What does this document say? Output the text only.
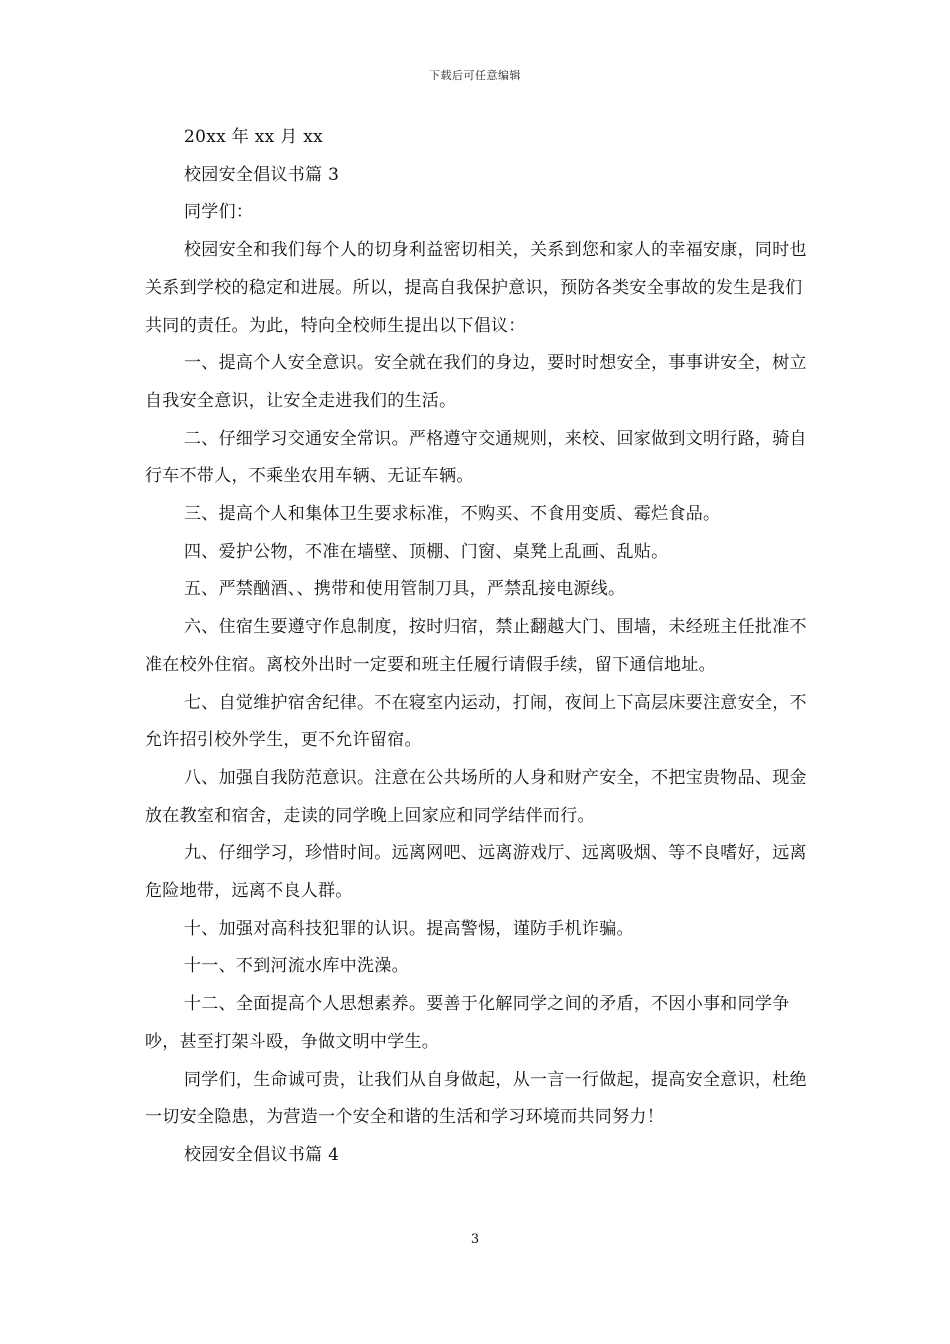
下载后可任意编辑

20xx 年 xx 月 xx

校园安全倡议书篇 3

同学们：

校园安全和我们每个人的切身利益密切相关，关系到您和家人的幸福安康，同时也关系到学校的稳定和进展。所以，提高自我保护意识，预防各类安全事故的发生是我们共同的责任。为此，特向全校师生提出以下倡议：

一、提高个人安全意识。安全就在我们的身边，要时时想安全，事事讲安全，树立自我安全意识，让安全走进我们的生活。

二、仔细学习交通安全常识。严格遵守交通规则，来校、回家做到文明行路，骑自行车不带人，不乘坐农用车辆、无证车辆。

三、提高个人和集体卫生要求标准，不购买、不食用变质、霉烂食品。

四、爱护公物，不准在墙壁、顶棚、门窗、桌凳上乱画、乱贴。

五、严禁酗酒、、携带和使用管制刀具，严禁乱接电源线。

六、住宿生要遵守作息制度，按时归宿，禁止翻越大门、围墙，未经班主任批准不准在校外住宿。离校外出时一定要和班主任履行请假手续，留下通信地址。

七、自觉维护宿舍纪律。不在寝室内运动，打闹，夜间上下高层床要注意安全，不允许招引校外学生，更不允许留宿。

八、加强自我防范意识。注意在公共场所的人身和财产安全，不把宝贵物品、现金放在教室和宿舍，走读的同学晚上回家应和同学结伴而行。

九、仔细学习，珍惜时间。远离网吧、远离游戏厅、远离吸烟、等不良嗜好，远离危险地带，远离不良人群。

十、加强对高科技犯罪的认识。提高警惕，谨防手机诈骗。

十一、不到河流水库中洗澡。

十二、全面提高个人思想素养。要善于化解同学之间的矛盾，不因小事和同学争吵，甚至打架斗殴，争做文明中学生。

同学们，生命诚可贵，让我们从自身做起，从一言一行做起，提高安全意识，杜绝一切安全隐患，为营造一个安全和谐的生活和学习环境而共同努力！

校园安全倡议书篇 4

3
